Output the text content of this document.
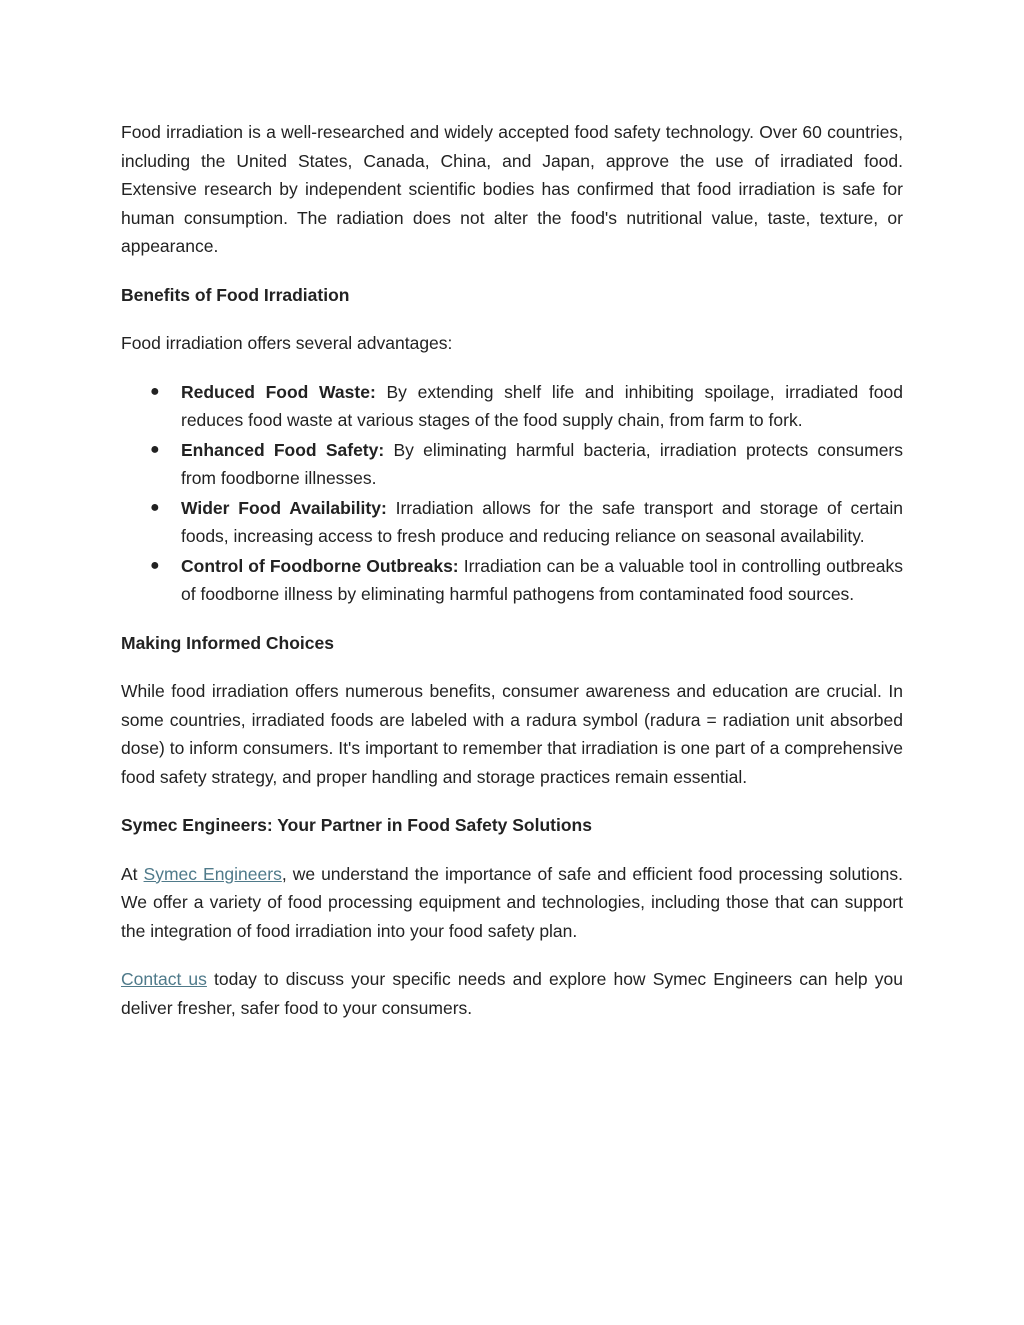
Food irradiation is a well-researched and widely accepted food safety technology. Over 60 countries, including the United States, Canada, China, and Japan, approve the use of irradiated food. Extensive research by independent scientific bodies has confirmed that food irradiation is safe for human consumption. The radiation does not alter the food's nutritional value, taste, texture, or appearance.

Benefits of Food Irradiation

Food irradiation offers several advantages:

● Reduced Food Waste: By extending shelf life and inhibiting spoilage, irradiated food reduces food waste at various stages of the food supply chain, from farm to fork.
● Enhanced Food Safety: By eliminating harmful bacteria, irradiation protects consumers from foodborne illnesses.
● Wider Food Availability: Irradiation allows for the safe transport and storage of certain foods, increasing access to fresh produce and reducing reliance on seasonal availability.
● Control of Foodborne Outbreaks: Irradiation can be a valuable tool in controlling outbreaks of foodborne illness by eliminating harmful pathogens from contaminated food sources.

Making Informed Choices

While food irradiation offers numerous benefits, consumer awareness and education are crucial. In some countries, irradiated foods are labeled with a radura symbol (radura = radiation unit absorbed dose) to inform consumers. It's important to remember that irradiation is one part of a comprehensive food safety strategy, and proper handling and storage practices remain essential.

Symec Engineers: Your Partner in Food Safety Solutions

At Symec Engineers, we understand the importance of safe and efficient food processing solutions. We offer a variety of food processing equipment and technologies, including those that can support the integration of food irradiation into your food safety plan.

Contact us today to discuss your specific needs and explore how Symec Engineers can help you deliver fresher, safer food to your consumers.
